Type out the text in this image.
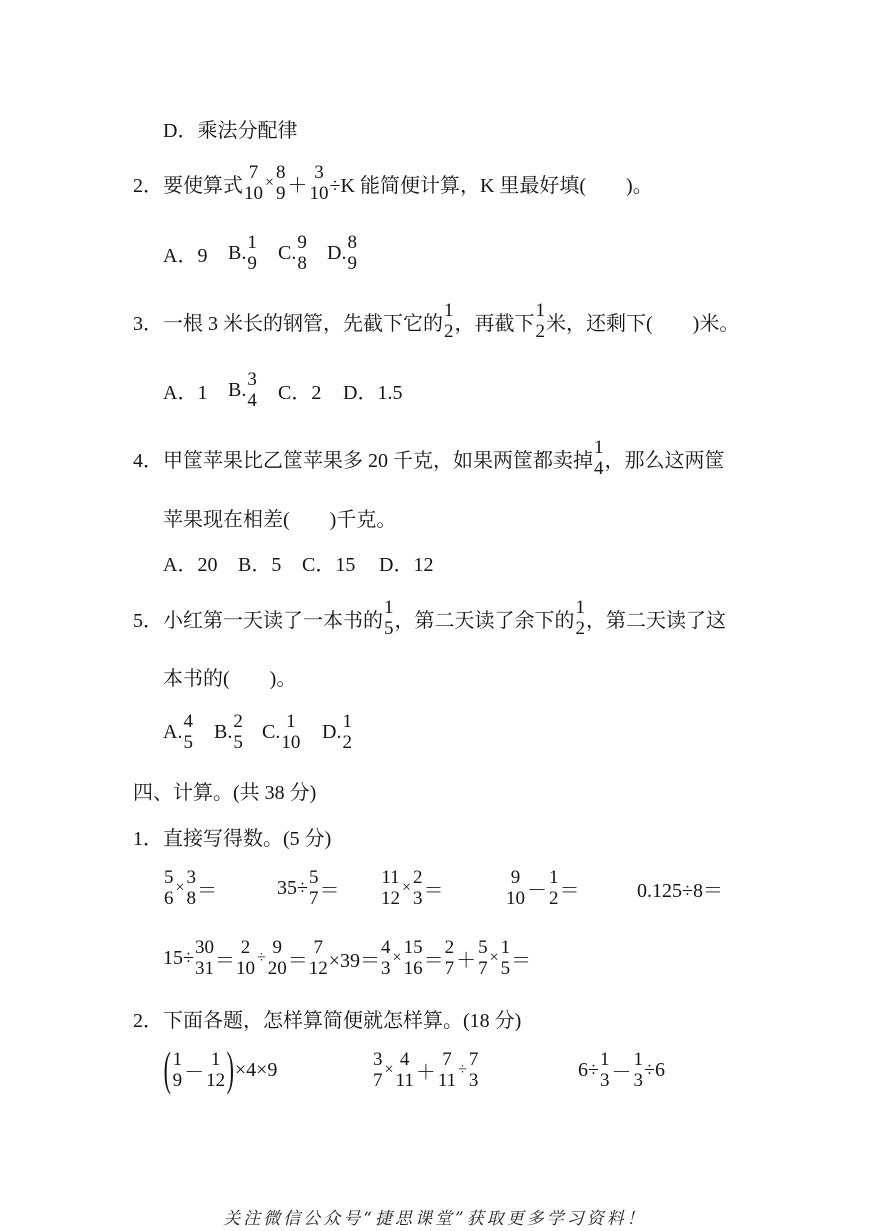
D．乘法分配律
2． 要使算式
7
10
× 8
9 ＋
3
10 ÷K 能简便计算，K 里最好填(　　)。
A．9 B. 1
9 C. 9
8 D. 8
9
3． 一根 3 米长的钢管，先截下它的
1
2 ，再截下
1
2 米，还剩下(　　)米。
A．1 B. 3
4 C．2 D．1.5
4． 甲筐苹果比乙筐苹果多 20 千克，如果两筐都卖掉
1
4 ，那么这两筐
苹果现在相差(　　)千克。
A．20 B．5 C．15 D．12
5． 小红第一天读了一本书的
1
5 ，第二天读了余下的
1
2 ，第二天读了这
本书的(　　)。
A. 4
5 B. 2
5 C. 1
10 D. 1
2
四、计算。(共 38 分)
1．直接写得数。(5 分)
5
6
× 3
8 ＝	35÷ 5
7 ＝
11
12
× 2
3 ＝
9
10 －
1
2 ＝	0.125÷8＝
15÷ 30
31 ＝
2
10
÷ 9
20 ＝
7
12 ×39＝
4
3
× 15
16 ＝
2
7 ＋
5
7
× 1
5 ＝
2．下面各题，怎样算简便就怎样算。(18 分)
( 1
9 －
1
12 ) ×4×9	3
7
× 4
11 ＋
7
11
÷ 7
3	6÷ 1
3 －
1
3 ÷6
关注微信公众号“捷思课堂”获取更多学习资料！
